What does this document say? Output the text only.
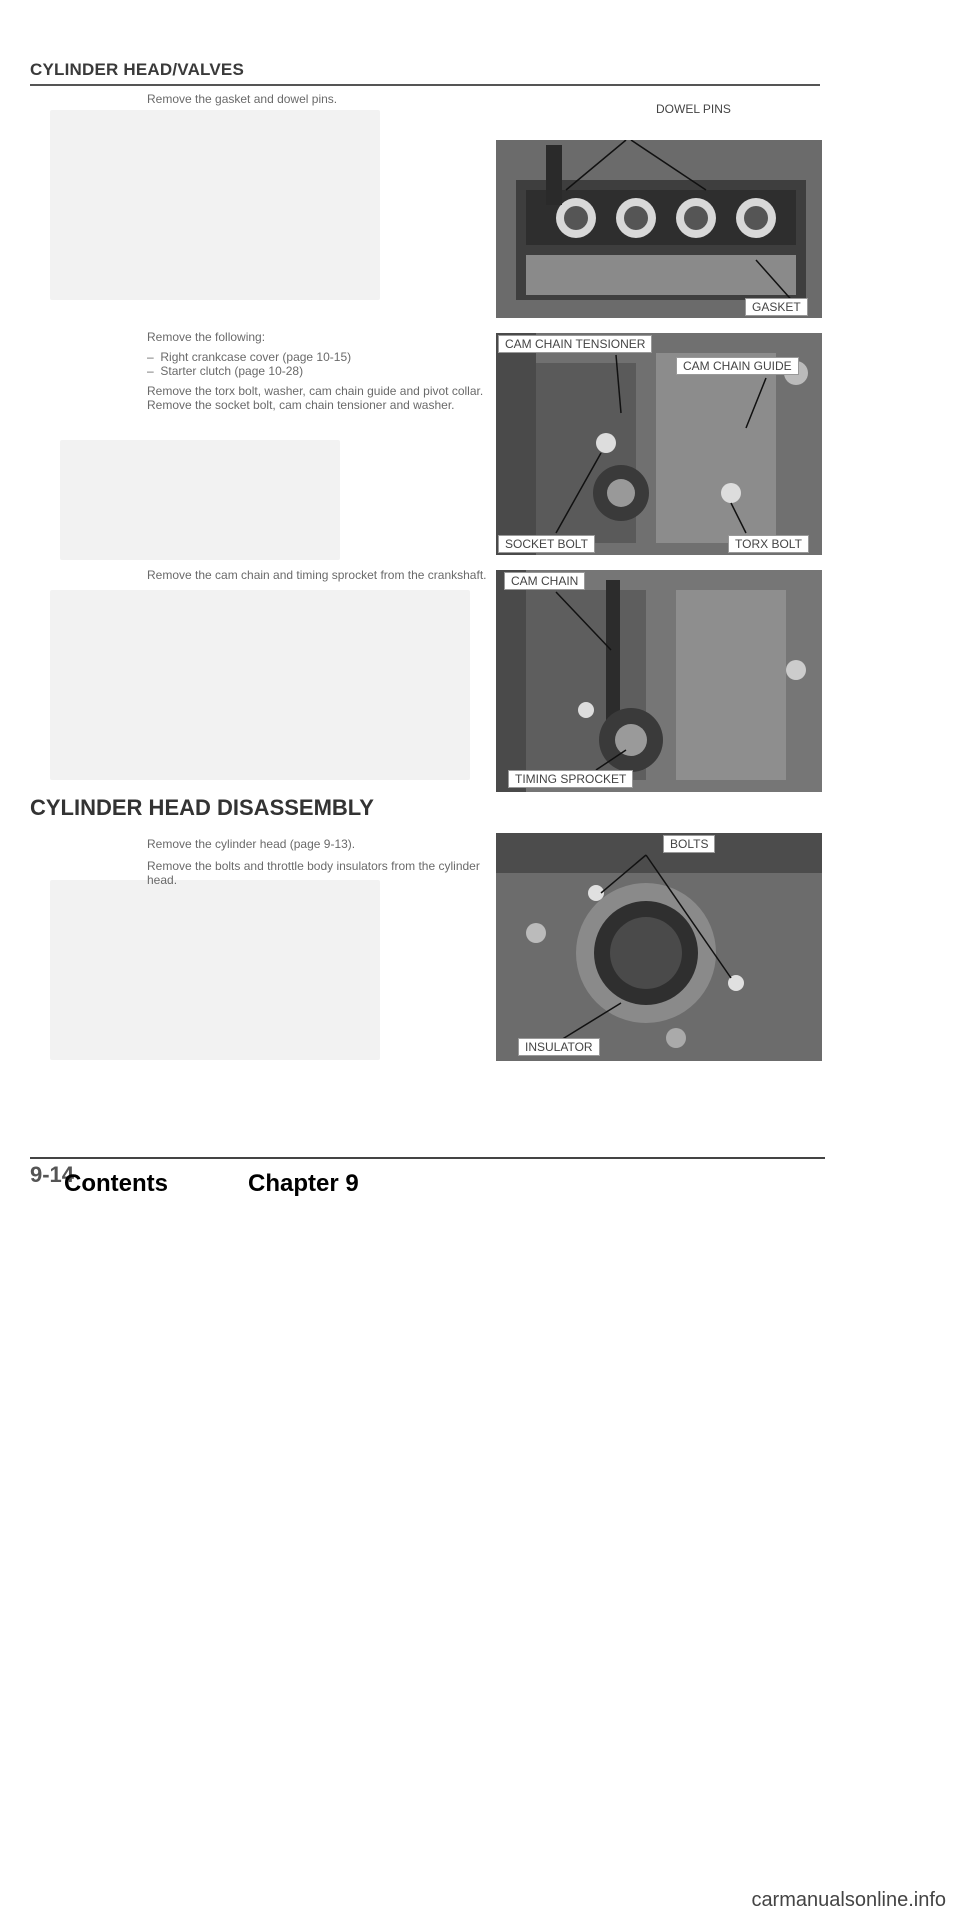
CYLINDER HEAD/VALVES
Remove the gasket and dowel pins.
DOWEL PINS
GASKET
Remove the following:
– Right crankcase cover (page 10-15)
– Starter clutch (page 10-28)
Remove the torx bolt, washer, cam chain guide and pivot collar.
Remove the socket bolt, cam chain tensioner and washer.
CAM CHAIN TENSIONER
CAM CHAIN GUIDE
SOCKET BOLT	TORX BOLT
Remove the cam chain and timing sprocket from the crankshaft.	CAM CHAIN
TIMING SPROCKET
CYLINDER HEAD DISASSEMBLY
Remove the cylinder head (page 9-13).
Remove the bolts and throttle body insulators from the cylinder head.
BOLTS
INSULATOR
9-14
Contents	Chapter 9
carmanualsonline.info
